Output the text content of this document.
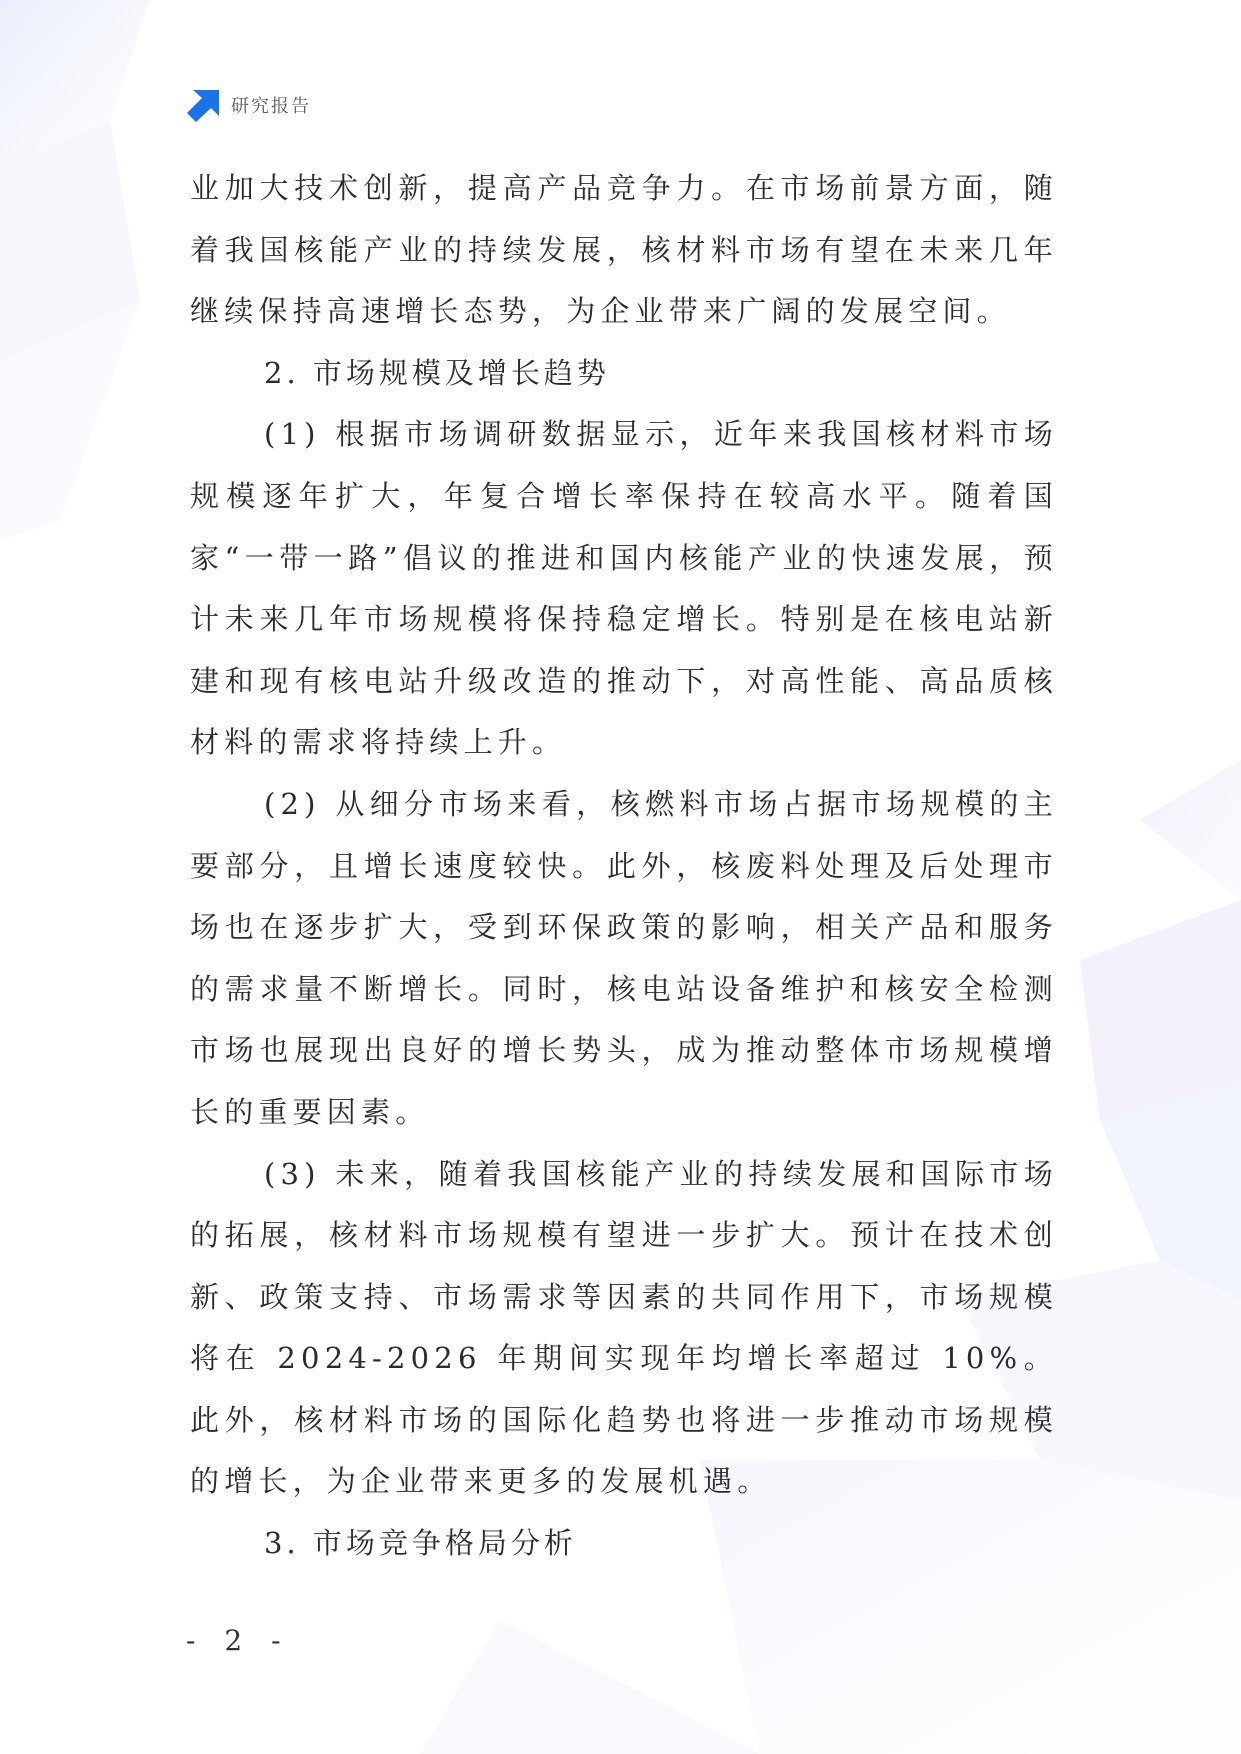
研究报告

业加大技术创新，提高产品竞争力。在市场前景方面，随着我国核能产业的持续发展，核材料市场有望在未来几年继续保持高速增长态势，为企业带来广阔的发展空间。

2. 市场规模及增长趋势

(1) 根据市场调研数据显示，近年来我国核材料市场规模逐年扩大，年复合增长率保持在较高水平。随着国家“一带一路”倡议的推进和国内核能产业的快速发展，预计未来几年市场规模将保持稳定增长。特别是在核电站新建和现有核电站升级改造的推动下，对高性能、高品质核材料的需求将持续上升。

(2) 从细分市场来看，核燃料市场占据市场规模的主要部分，且增长速度较快。此外，核废料处理及后处理市场也在逐步扩大，受到环保政策的影响，相关产品和服务的需求量不断增长。同时，核电站设备维护和核安全检测市场也展现出良好的增长势头，成为推动整体市场规模增长的重要因素。

(3) 未来，随着我国核能产业的持续发展和国际市场的拓展，核材料市场规模有望进一步扩大。预计在技术创新、政策支持、市场需求等因素的共同作用下，市场规模将在 2024-2026 年期间实现年均增长率超过 10%。此外，核材料市场的国际化趋势也将进一步推动市场规模的增长，为企业带来更多的发展机遇。

3. 市场竞争格局分析

- 2 -
